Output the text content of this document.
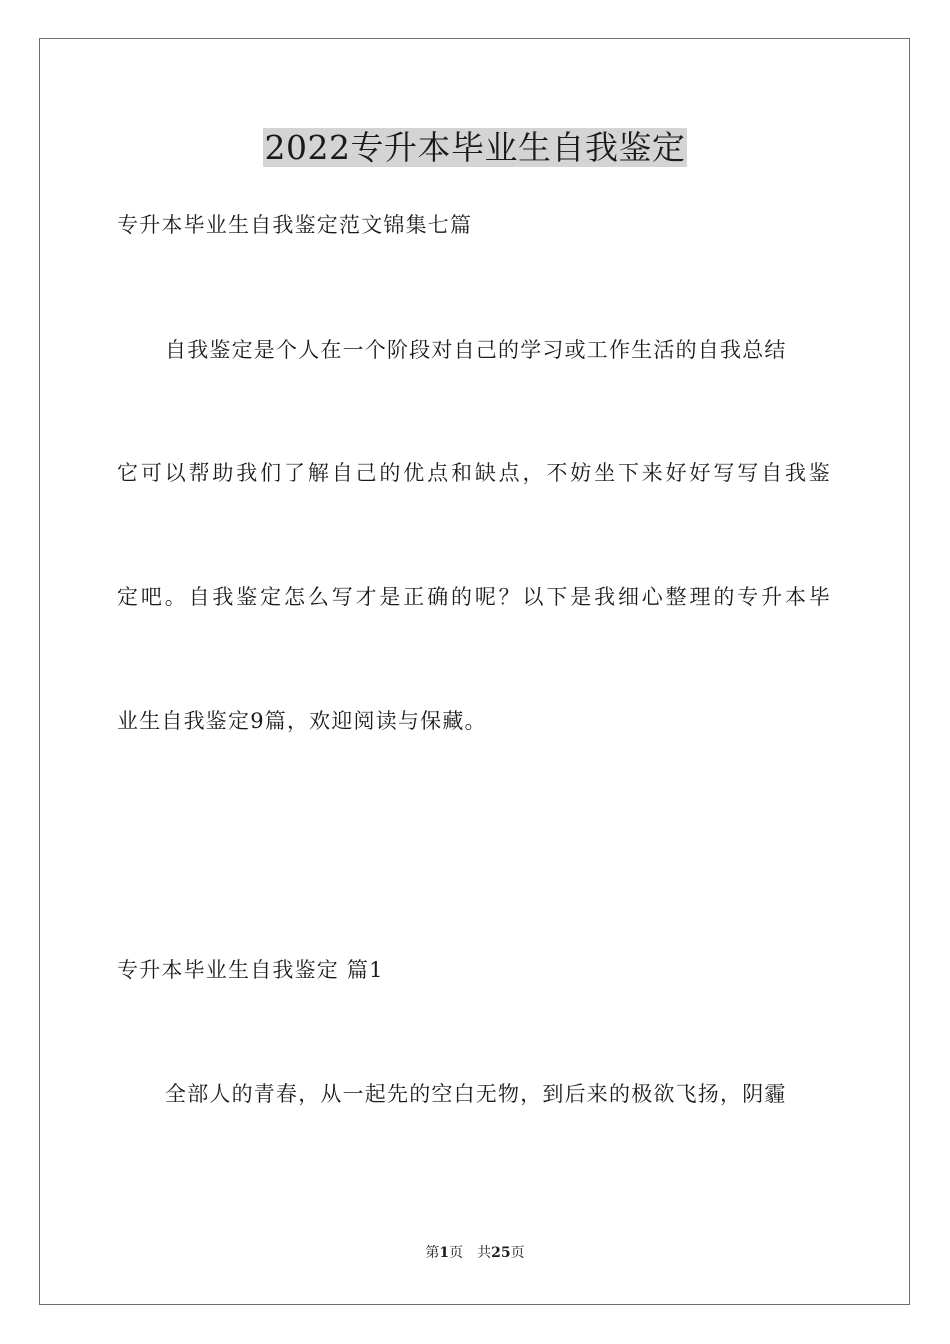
2022专升本毕业生自我鉴定
专升本毕业生自我鉴定范文锦集七篇
自我鉴定是个人在一个阶段对自己的学习或工作生活的自我总结
它可以帮助我们了解自己的优点和缺点，不妨坐下来好好写写自我鉴
定吧。自我鉴定怎么写才是正确的呢？以下是我细心整理的专升本毕
业生自我鉴定9篇，欢迎阅读与保藏。
专升本毕业生自我鉴定 篇1
全部人的青春，从一起先的空白无物，到后来的极欲飞扬，阴霾
第1页 共25页
